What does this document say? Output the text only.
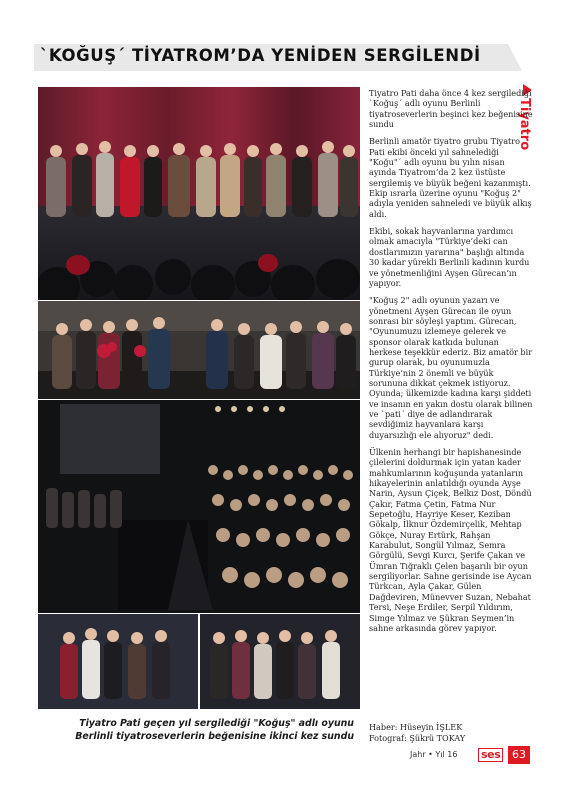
`KOĞUŞ´ TİYATROM’DA YENİDEN SERGİLENDİ
Tiyatro
Tiyatro Pati geçen yıl sergilediği "Koğuş" adlı oyunu Berlinli tiyatroseverlerin beğenisine ikinci kez sundu

Tiyatro Pati daha önce 4 kez sergilediği `Koğuş´ adlı oyunu Berlinli tiyatroseverlerin beşinci kez beğenisine sundu

Berlinli amatör tiyatro grubu Tiyatro Pati ekibi önceki yıl sahnelediği "Koğu"´ adlı oyunu bu yılın nisan ayında Tiyatrom’da 2 kez üstüste sergilemiş ve büyük beğeni kazanmıştı. Ekip ısrarla üzerine oyunu "Koğuş 2" adıyla yeniden sahneledi ve büyük alkış aldı.

Ekibi, sokak hayvanlarına yardımcı olmak amacıyla "Türkiye’deki can dostlarımızın yararına" başlığı altında 30 kadar yürekli Berlinli kadının kurdu ve yönetmenliğini Ayşen Gürecan’ın yapıyor.

"Koğuş 2" adlı oyunun yazarı ve yönetmeni Ayşen Gürecan ile oyun sonrası bir söyleşi yaptım. Gürecan, "Oyunumuzu izlemeye gelerek ve sponsor olarak katkıda bulunan herkese teşekkür ederiz. Biz amatör bir gurup olarak, bu oyunumuzla Türkiye’nin 2 önemli ve büyük sorununa dikkat çekmek istiyoruz. Oyunda; ülkemizde kadına karşı şiddeti ve insanın en yakın dostu olarak bilinen ve `pati´ diye de adlandırarak sevdiğimiz hayvanlara karşı duyarsızlığı ele alıyoruz" dedi.

Ülkenin herhangi bir hapishanesinde çilelerini doldurmak için yatan kader mahkumlarının koğuşunda yatanların hikayelerinin anlatıldığı oyunda Ayşe Narin, Aysun Çiçek, Belkız Dost, Döndü Çakır, Fatma Çetin, Fatma Nur Sepetoğlu, Hayriye Keser, Keziban Gökalp, İlknur Özdemirçelik, Mehtap Gökçe, Nuray Ertürk, Rahşan Karabulut, Songül Yılmaz, Semra Görgülü, Sevgi Kurcı, Şerife Çakan ve Ümran Tığraklı Çelen başarılı bir oyun sergiliyorlar. Sahne gerisinde ise Aycan Türkcan, Ayla Çakar, Gülen Dağdeviren, Münevver Suzan, Nebahat Tersi, Neşe Erdiler, Serpil Yıldırım, Simge Yılmaz ve Şükran Seymen’in sahne arkasında görev yapıyor.

Haber: Hüseyin İŞLEK
Fotograf: Şükrü TOKAY
Jahr • Yıl 16 ses	63
